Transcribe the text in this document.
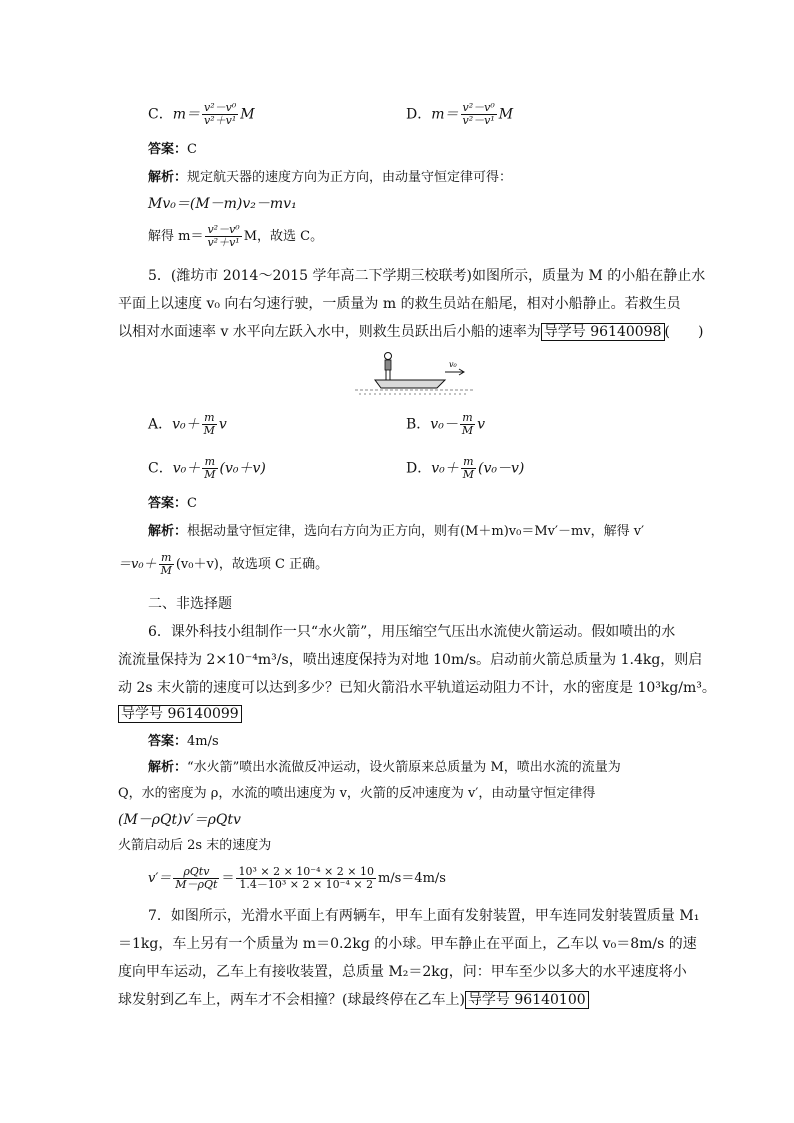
C．$m= \frac{\text{v²－v⁰}}{\text{v²＋v¹}}$ M	D．$m= \frac{\text{v²－v⁰}}{\text{v²－v¹}}$ M
答案：C
解析：规定航天器的速度方向为正方向，由动量守恒定律可得：
Mv₀＝(M－m)v₂－mv₁
解得 $m= \frac{\text{v²－v⁰}}{\text{v²＋v¹}}$ M，故选 C。
5．(潍坊市 2014～2015 学年高二下学期三校联考)如图所示，质量为 M 的小船在静止水
平面上以速度 v₀ 向右匀速行驶，一质量为 m 的救生员站在船尾，相对小船静止。若救生员
以相对水面速率 v 水平向左跃入水中，则救生员跃出后小船的速率为 导学号 96140098 (　　)
v₀
A．$v_0+ \frac{m}{M}$ v	B．$v_0- \frac{m}{M}$ v
C．$v_0+ \frac{m}{M} (v_0+v)$	D．$v_0+ \frac{m}{M} (v_0-v)$
答案：C
解析：根据动量守恒定律，选向右方向为正方向，则有(M＋m)v₀＝Mv′－mv，解得 v′
$=v_0+ \frac{m}{M} (v_0+v)$，故选项 C 正确。
二、非选择题
6．课外科技小组制作一只“水火箭”，用压缩空气压出水流使火箭运动。假如喷出的水
流流量保持为 2×10⁻⁴m³/s，喷出速度保持为对地 10m/s。启动前火箭总质量为 1.4kg，则启
动 2s 末火箭的速度可以达到多少？已知火箭沿水平轨道运动阻力不计，水的密度是 10³kg/m³。
导学号 96140099
答案：4m/s
解析：“水火箭”喷出水流做反冲运动，设火箭原来总质量为 M，喷出水流的流量为
Q，水的密度为 ρ，水流的喷出速度为 v，火箭的反冲速度为 v′，由动量守恒定律得
(M－ρQt)v′＝ρQtv
火箭启动后 2s 末的速度为
$v'= \frac{\text{ρQtv}}{\text{M－ρQt}} = \frac{\text{10³ × 2 × 10⁻⁴ × 2 × 10}}{\text{1.4－10³ × 2 × 10⁻⁴ × 2}} m/s=4m/s$
7．如图所示，光滑水平面上有两辆车，甲车上面有发射装置，甲车连同发射装置质量 M₁
＝1kg，车上另有一个质量为 m＝0.2kg 的小球。甲车静止在平面上，乙车以 v₀＝8m/s 的速
度向甲车运动，乙车上有接收装置，总质量 M₂＝2kg，问：甲车至少以多大的水平速度将小
球发射到乙车上，两车才不会相撞？(球最终停在乙车上) 导学号 96140100
